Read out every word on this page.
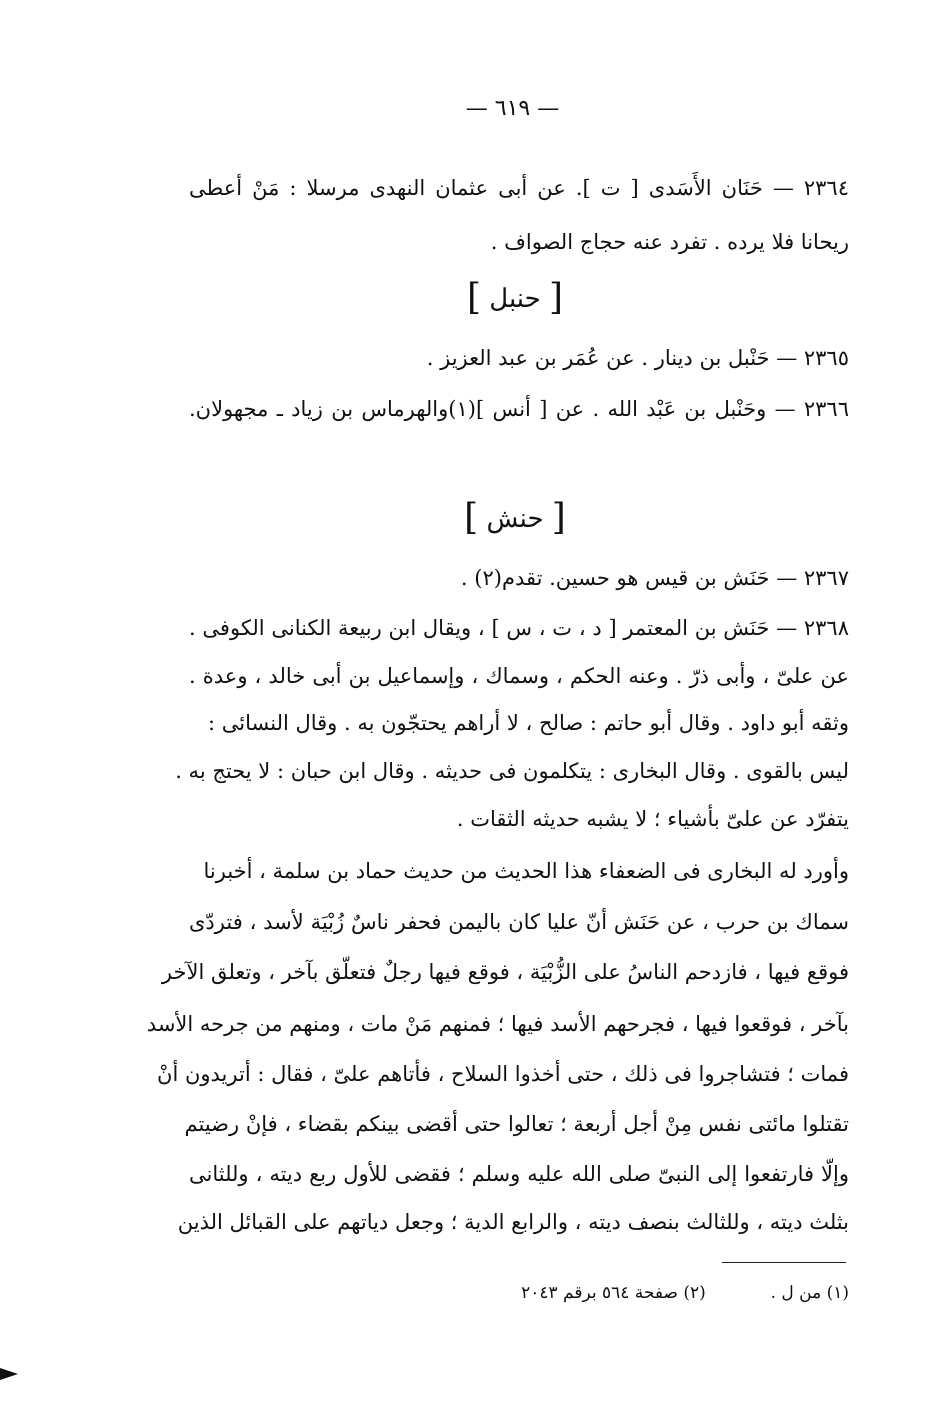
— ٦١٩ —
٢٣٦٤ — حَنَان الأَسَدى [ ت ]. عن أبى عثمان النهدى مرسلا : مَنْ أعطى
ريحانا فلا يرده . تفرد عنه حجاج الصواف .
[ حنبل ]
٢٣٦٥ — حَنْبل بن دينار . عن عُمَر بن عبد العزيز .
٢٣٦٦ — وحَنْبل بن عَبْد الله . عن [ أنس ](١)والهرماس بن زياد ـ مجهولان.
[ حنش ]
٢٣٦٧ — حَنَش بن قيس هو حسين. تقدم(٢) .
٢٣٦٨ — حَنَش بن المعتمر [ د ، ت ، س ] ، ويقال ابن ربيعة الكنانى الكوفى .
عن علىّ ، وأبى ذرّ . وعنه الحكم ، وسماك ، وإسماعيل بن أبى خالد ، وعدة .
وثقه أبو داود . وقال أبو حاتم : صالح ، لا أراهم يحتجّون به . وقال النسائى :
ليس بالقوى . وقال البخارى : يتكلمون فى حديثه . وقال ابن حبان : لا يحتج به .
يتفرّد عن علىّ بأشياء ؛ لا يشبه حديثه الثقات .
وأورد له البخارى فى الضعفاء هذا الحديث من حديث حماد بن سلمة ، أخبرنا
سماك بن حرب ، عن حَنَش أنّ عليا كان باليمن فحفر ناسٌ زُبْيَة لأسد ، فتردّى
فوقع فيها ، فازدحم الناسُ على الزُّبْيَة ، فوقع فيها رجلٌ فتعلّق بآخر ، وتعلق الآخر
بآخر ، فوقعوا فيها ، فجرحهم الأسد فيها ؛ فمنهم مَنْ مات ، ومنهم من جرحه الأسد
فمات ؛ فتشاجروا فى ذلك ، حتى أخذوا السلاح ، فأتاهم علىّ ، فقال : أتريدون أنْ
تقتلوا مائتى نفس مِنْ أجل أربعة ؛ تعالوا حتى أقضى بينكم بقضاء ، فإنْ رضيتم
وإلّا فارتفعوا إلى النبىّ صلى الله عليه وسلم ؛ فقضى للأول ربع ديته ، وللثانى
بثلث ديته ، وللثالث بنصف ديته ، والرابع الدية ؛ وجعل دياتهم على القبائل الذين
(١) من ل .  (٢) صفحة ٥٦٤ برقم ٢٠٤٣
